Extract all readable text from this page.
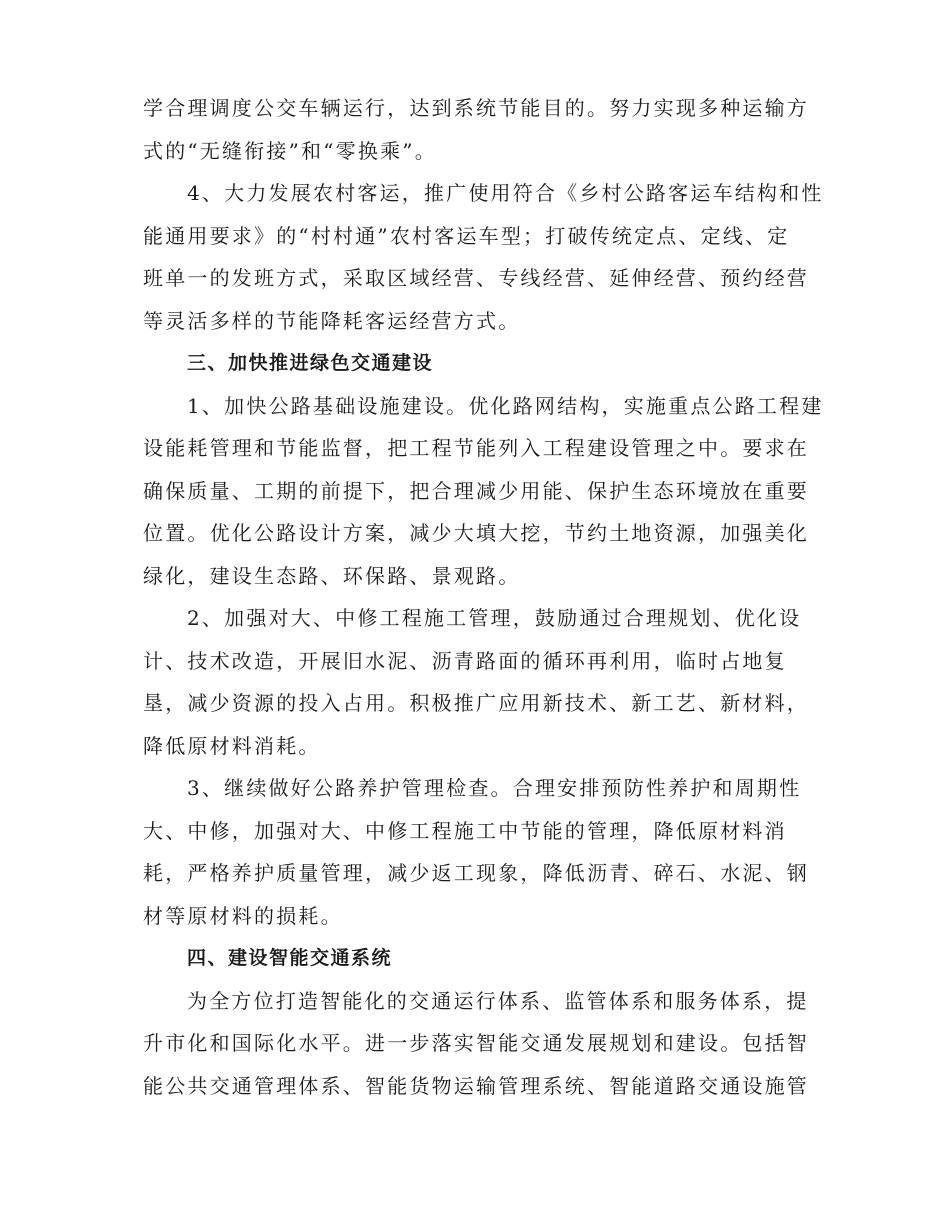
学合理调度公交车辆运行，达到系统节能目的。努力实现多种运输方
式的“无缝衔接”和“零换乘”。
4、大力发展农村客运，推广使用符合《乡村公路客运车结构和性
能通用要求》的“村村通”农村客运车型；打破传统定点、定线、定
班单一的发班方式，采取区域经营、专线经营、延伸经营、预约经营
等灵活多样的节能降耗客运经营方式。
三、加快推进绿色交通建设
1、加快公路基础设施建设。优化路网结构，实施重点公路工程建
设能耗管理和节能监督，把工程节能列入工程建设管理之中。要求在
确保质量、工期的前提下，把合理减少用能、保护生态环境放在重要
位置。优化公路设计方案，减少大填大挖，节约土地资源，加强美化
绿化，建设生态路、环保路、景观路。
2、加强对大、中修工程施工管理，鼓励通过合理规划、优化设
计、技术改造，开展旧水泥、沥青路面的循环再利用，临时占地复
垦，减少资源的投入占用。积极推广应用新技术、新工艺、新材料，
降低原材料消耗。
3、继续做好公路养护管理检查。合理安排预防性养护和周期性
大、中修，加强对大、中修工程施工中节能的管理，降低原材料消
耗，严格养护质量管理，减少返工现象，降低沥青、碎石、水泥、钢
材等原材料的损耗。
四、建设智能交通系统
为全方位打造智能化的交通运行体系、监管体系和服务体系，提
升市化和国际化水平。进一步落实智能交通发展规划和建设。包括智
能公共交通管理体系、智能货物运输管理系统、智能道路交通设施管
